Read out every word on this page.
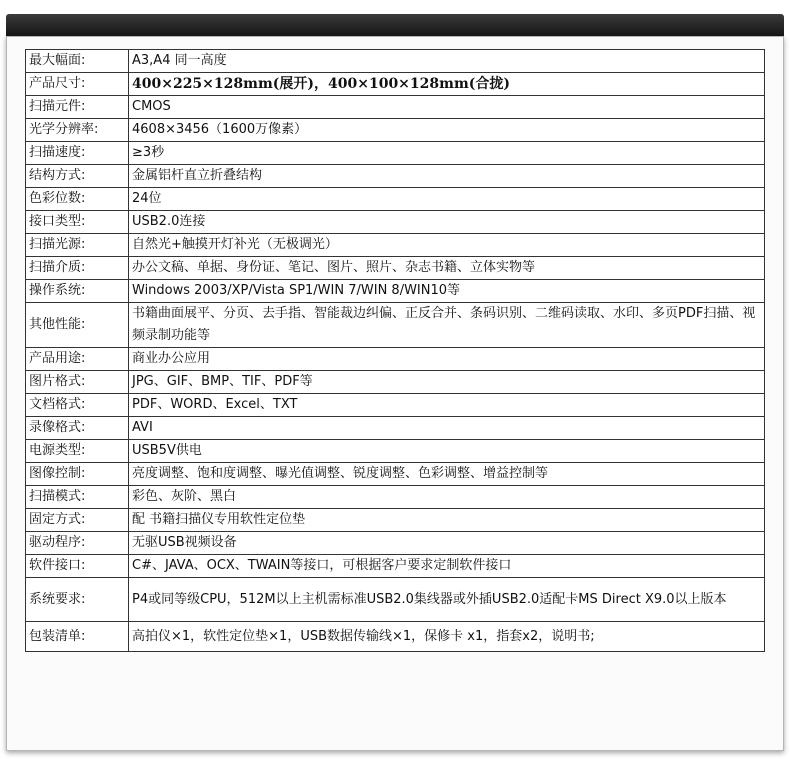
最大幅面:	A3,A4 同一高度
产品尺寸:	400×225×128mm(展开)，400×100×128mm(合拢)
扫描元件:	CMOS
光学分辨率:	4608×3456（1600万像素）
扫描速度:	≥3秒
结构方式:	金属铝杆直立折叠结构
色彩位数:	24位
接口类型:	USB2.0连接
扫描光源:	自然光+触摸开灯补光（无极调光）
扫描介质:	办公文稿、单据、身份证、笔记、图片、照片、杂志书籍、立体实物等
操作系统:	Windows 2003/XP/Vista SP1/WIN 7/WIN 8/WIN10等
其他性能:	书籍曲面展平、分页、去手指、智能裁边纠偏、正反合并、条码识别、二维码读取、水印、多页PDF扫描、视频录制功能等
产品用途:	商业办公应用
图片格式:	JPG、GIF、BMP、TIF、PDF等
文档格式:	PDF、WORD、Excel、TXT
录像格式:	AVI
电源类型:	USB5V供电
图像控制:	亮度调整、饱和度调整、曝光值调整、锐度调整、色彩调整、增益控制等
扫描模式:	彩色、灰阶、黑白
固定方式:	配 书籍扫描仪专用软性定位垫
驱动程序:	无驱USB视频设备
软件接口:	C#、JAVA、OCX、TWAIN等接口，可根据客户要求定制软件接口
系统要求:	P4或同等级CPU，512M以上主机需标准USB2.0集线器或外插USB2.0适配卡MS Direct X9.0以上版本
包装清单:	高拍仪×1，软性定位垫×1，USB数据传输线×1，保修卡 x1，指套x2，说明书;
